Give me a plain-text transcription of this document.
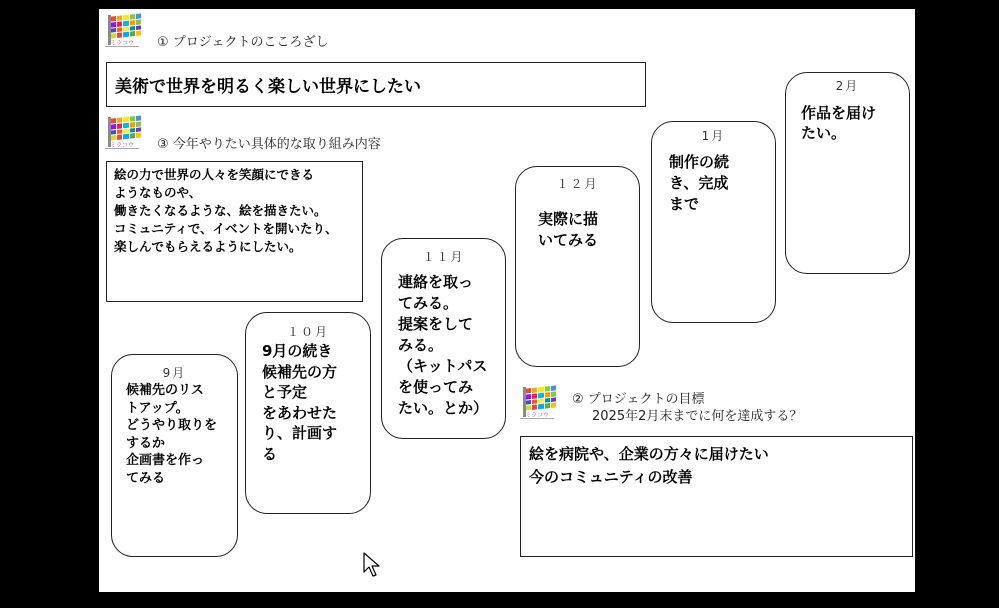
ミラコウ	① プロジェクトのこころざし
美術で世界を明るく楽しい世界にしたい
ミラコウ	③ 今年やりたい具体的な取り組み内容
絵の力で世界の人々を笑顔にできる
ようなものや、
働きたくなるような、絵を描きたい。
コミュニティで、イベントを開いたり、
楽しんでもらえるようにしたい。
9月
候補先のリス
トアップ。
どうやり取りを
するか
企画書を作っ
てみる
１０月
9月の続き
候補先の方
と予定
をあわせた
り、計画す
る
１１月
連絡を取っ
てみる。
提案をして
みる。
（キットパス
を使ってみ
たい。とか）
１２月
実際に描
いてみる
1月
制作の続
き、完成
まで
2月
作品を届け
たい。
ミラコウ
② プロジェクトの目標
2025年2月末までに何を達成する？
絵を病院や、企業の方々に届けたい
今のコミュニティの改善
